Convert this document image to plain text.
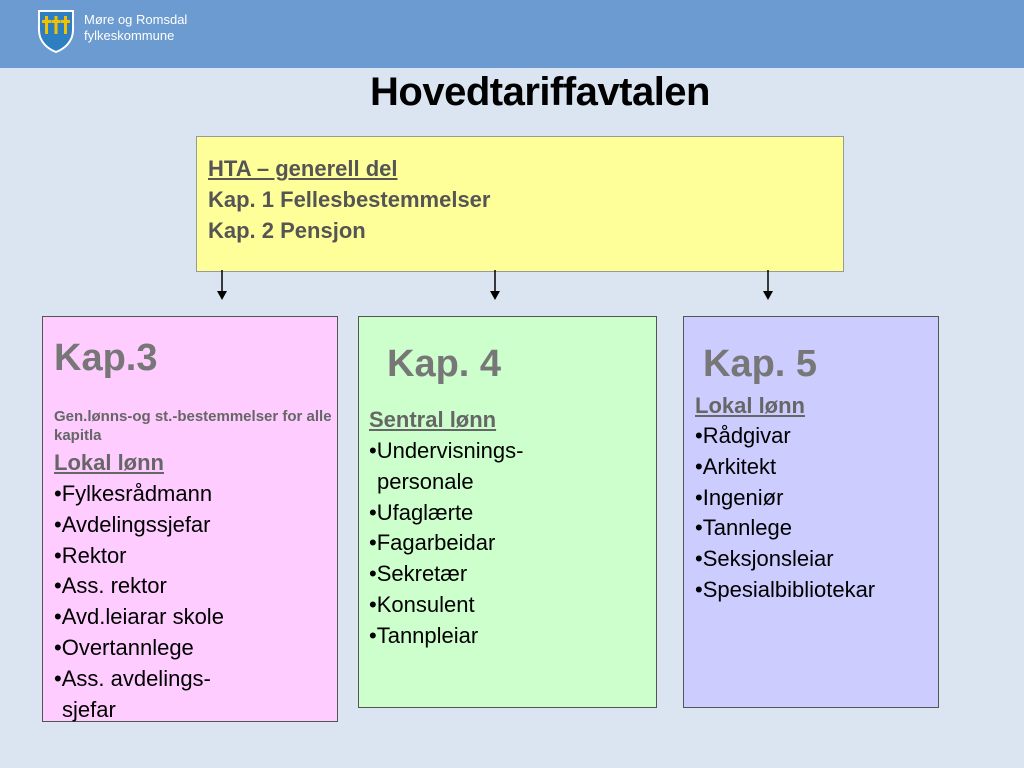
Møre og Romsdal
fylkeskommune
Hovedtariffavtalen
HTA – generell del
Kap. 1 Fellesbestemmelser
Kap. 2 Pensjon
Kap.3
Gen.lønns-og st.-bestemmelser for alle kapitla
Lokal lønn
• Fylkesrådmann
• Avdelingssjefar
• Rektor
• Ass. rektor
• Avd.leiarar skole
• Overtannlege
• Ass. avdelings-
sjefar
Kap. 4
Sentral lønn
• Undervisnings-
personale
• Ufaglærte
• Fagarbeidar
• Sekretær
• Konsulent
• Tannpleiar
Kap. 5
Lokal lønn
• Rådgivar
• Arkitekt
• Ingeniør
• Tannlege
• Seksjonsleiar
• Spesialbibliotekar
